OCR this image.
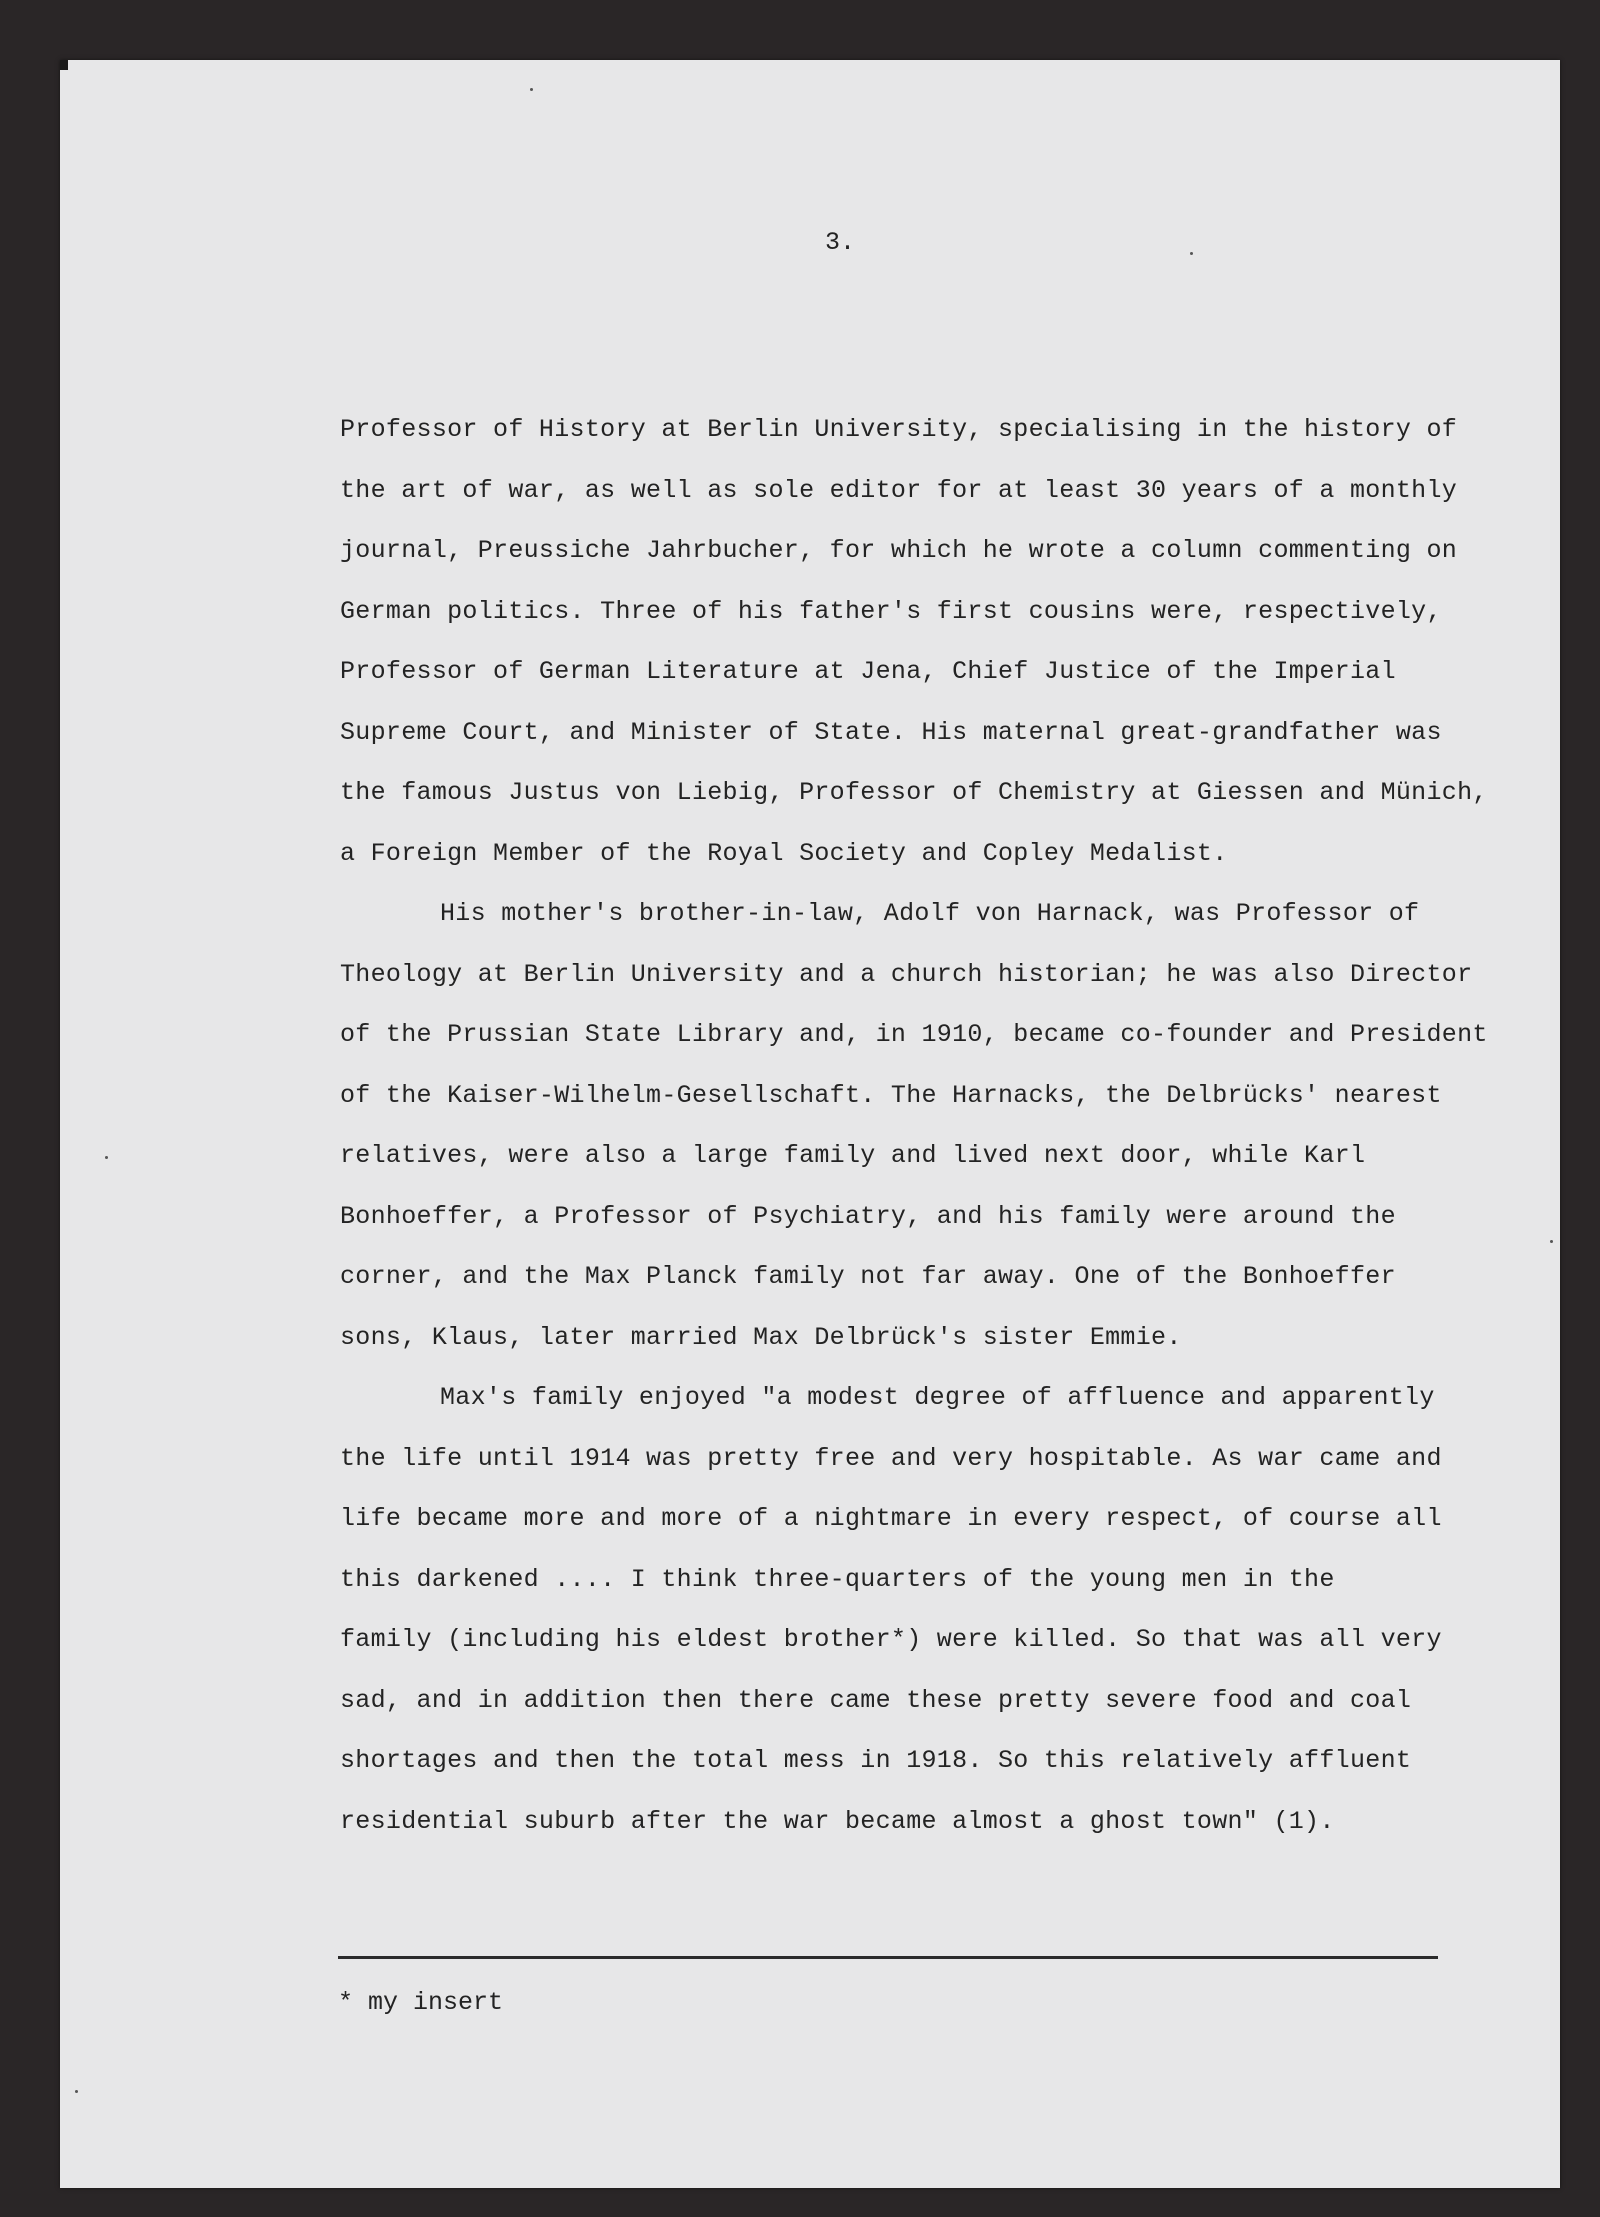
3.
Professor of History at Berlin University, specialising in the history of
the art of war, as well as sole editor for at least 30 years of a monthly
journal, Preussiche Jahrbucher, for which he wrote a column commenting on
German politics. Three of his father's first cousins were, respectively,
Professor of German Literature at Jena, Chief Justice of the Imperial
Supreme Court, and Minister of State. His maternal great-grandfather was
the famous Justus von Liebig, Professor of Chemistry at Giessen and Münich,
a Foreign Member of the Royal Society and Copley Medalist.
His mother's brother-in-law, Adolf von Harnack, was Professor of
Theology at Berlin University and a church historian; he was also Director
of the Prussian State Library and, in 1910, became co-founder and President
of the Kaiser-Wilhelm-Gesellschaft. The Harnacks, the Delbrücks' nearest
relatives, were also a large family and lived next door, while Karl
Bonhoeffer, a Professor of Psychiatry, and his family were around the
corner, and the Max Planck family not far away. One of the Bonhoeffer
sons, Klaus, later married Max Delbrück's sister Emmie.
Max's family enjoyed "a modest degree of affluence and apparently
the life until 1914 was pretty free and very hospitable. As war came and
life became more and more of a nightmare in every respect, of course all
this darkened .... I think three-quarters of the young men in the
family (including his eldest brother*) were killed. So that was all very
sad, and in addition then there came these pretty severe food and coal
shortages and then the total mess in 1918. So this relatively affluent
residential suburb after the war became almost a ghost town" (1).
* my insert
